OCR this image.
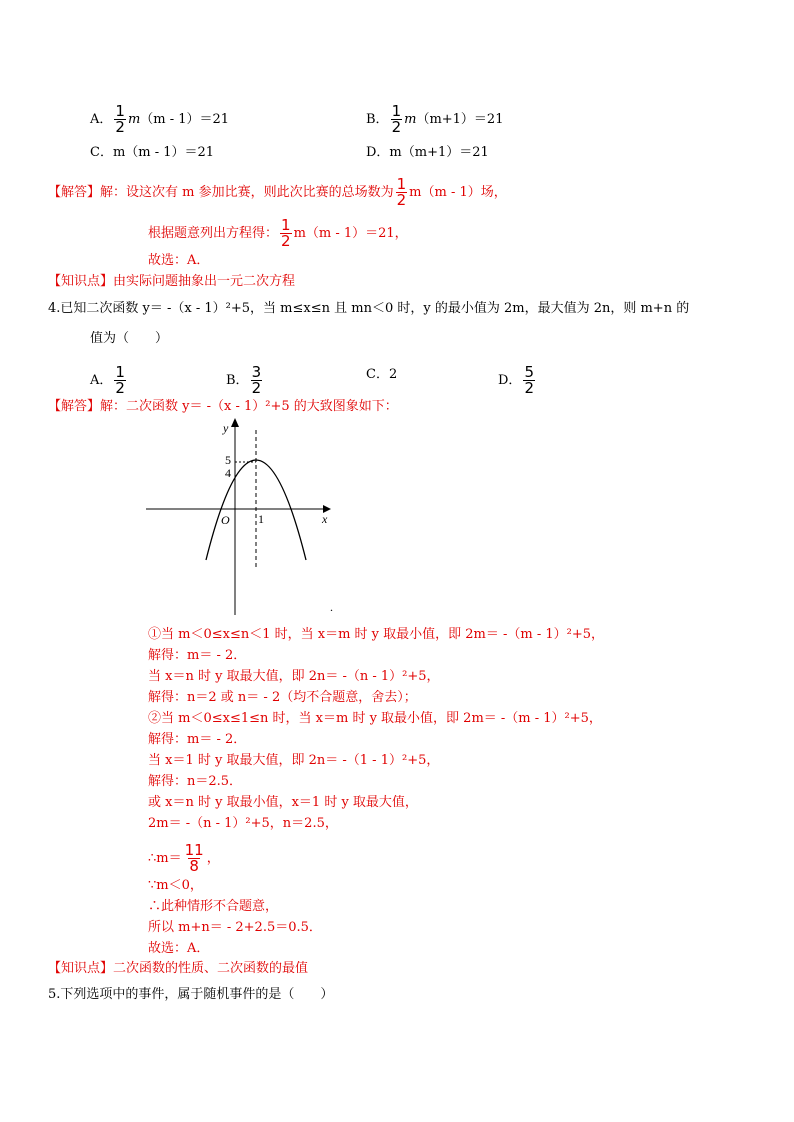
A． $\frac{1}{2} m(m - 1)=21$	B． $\frac{1}{2} m(m+1)=21$
C．m（m - 1）＝21	D．m（m+1）＝21
【解答】解：设这次有 m 参加比赛，则此次比赛的总场数为 $\frac{1}{2} m(m - 1)$场，
根据题意列出方程得： $\frac{1}{2} m(m - 1)=21$，
故选：A．
【知识点】由实际问题抽象出一元二次方程
4.已知二次函数 y＝ -（x - 1）²+5，当 m≤x≤n 且 mn＜0 时，y 的最小值为 2m，最大值为 2n，则 m+n 的
值为（　　）
A． $\frac{1}{2}$	B． $\frac{3}{2}$	C．2	D． $\frac{5}{2}$
【解答】解：二次函数 y＝ -（x - 1）²+5 的大致图象如下：
y
x
O 1
5
4
.
①当 m＜0≤x≤n＜1 时，当 x＝m 时 y 取最小值，即 2m＝ -（m - 1）²+5，
解得：m＝ - 2．
当 x＝n 时 y 取最大值，即 2n＝ -（n - 1）²+5，
解得：n＝2 或 n＝ - 2（均不合题意，舍去）；
②当 m＜0≤x≤1≤n 时，当 x＝m 时 y 取最小值，即 2m＝ -（m - 1）²+5，
解得：m＝ - 2．
当 x＝1 时 y 取最大值，即 2n＝ -（1 - 1）²+5，
解得：n＝2.5．
或 x＝n 时 y 取最小值，x＝1 时 y 取最大值，
2m＝ -（n - 1）²+5，n＝2.5，
∴m＝ $\frac{11}{8}$ ，
∵m＜0，
∴此种情形不合题意，
所以 m+n＝ - 2+2.5＝0.5．
故选：A．
【知识点】二次函数的性质、二次函数的最值
5.下列选项中的事件，属于随机事件的是（　　）
